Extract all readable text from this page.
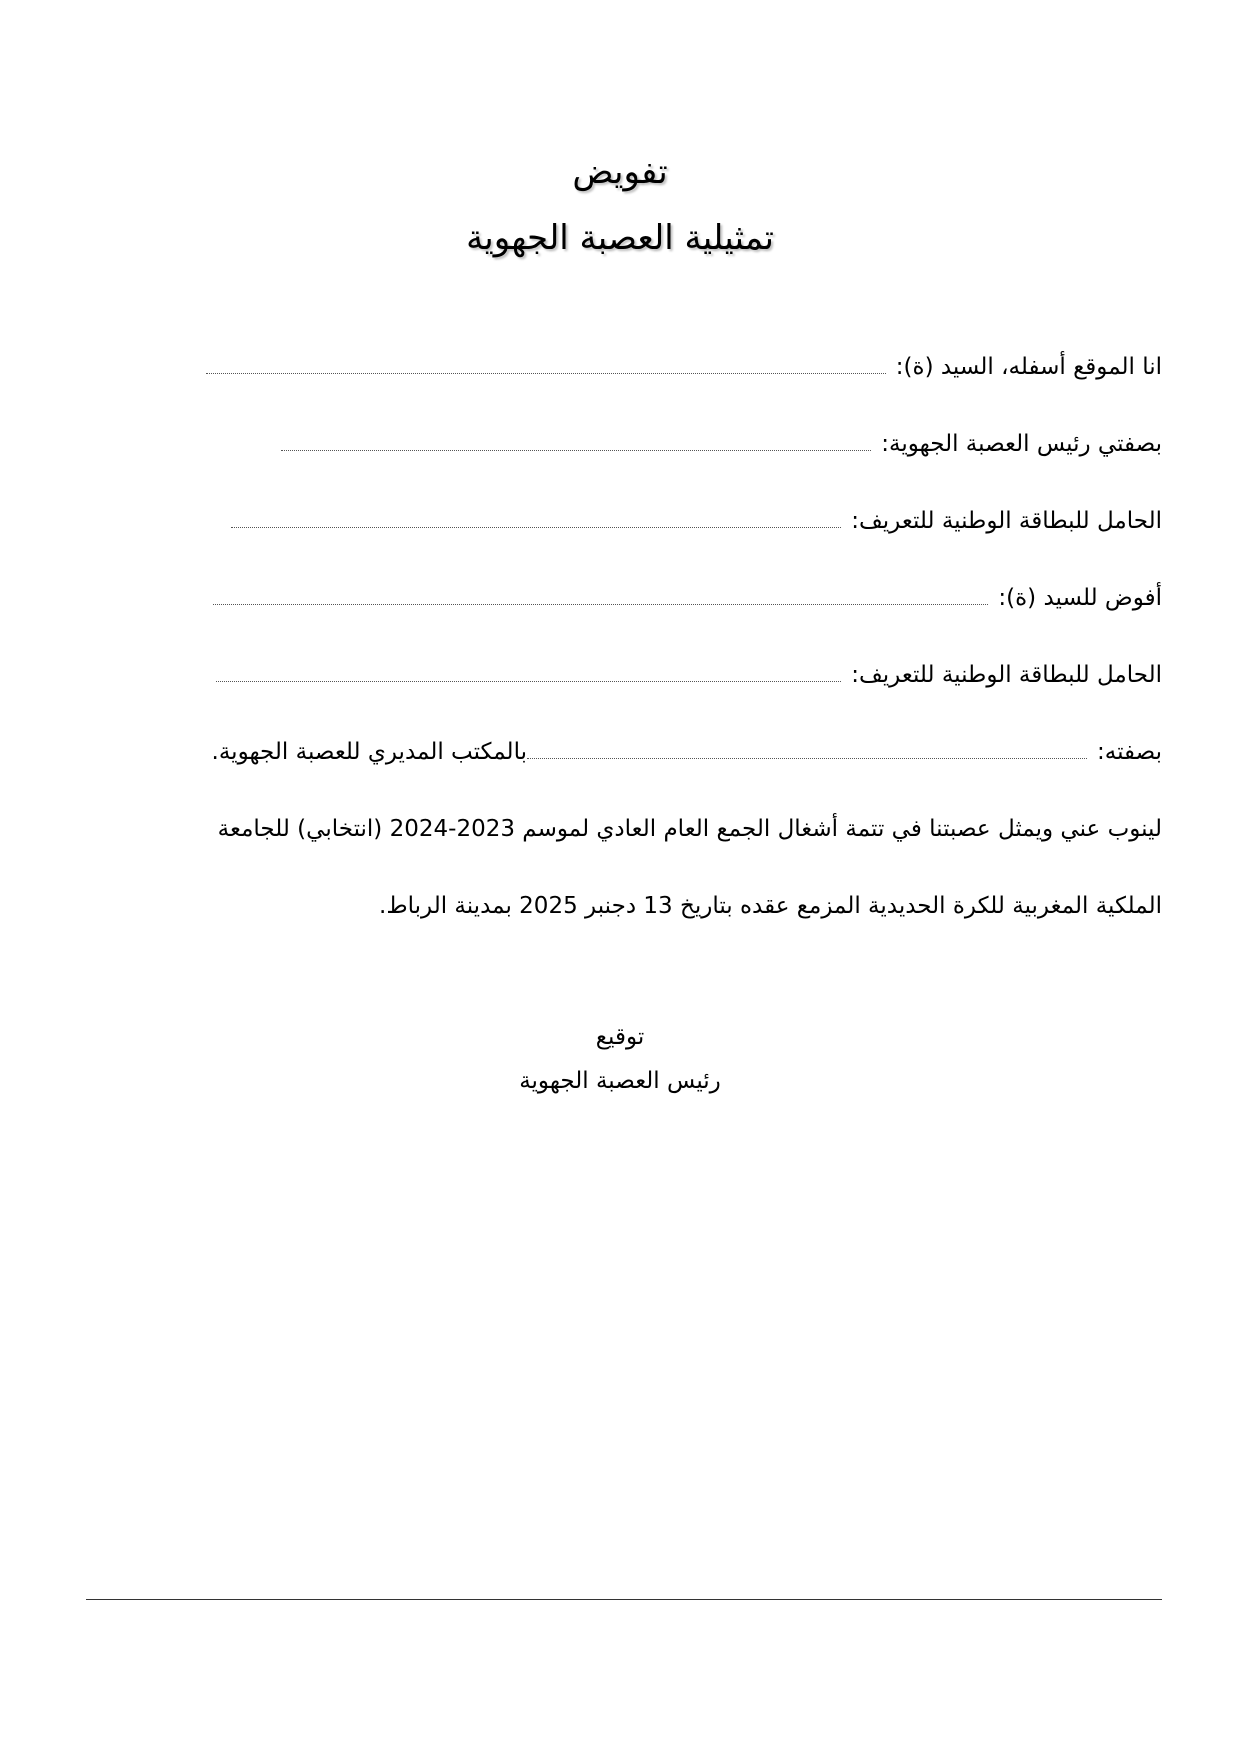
تفويض
تمثيلية العصبة الجهوية
انا الموقع أسفله، السيد (ة):
بصفتي رئيس العصبة الجهوية:
الحامل للبطاقة الوطنية للتعريف:
أفوض للسيد (ة):
الحامل للبطاقة الوطنية للتعريف:
بصفته:
بالمكتب المديري للعصبة الجهوية.
لينوب عني ويمثل عصبتنا في تتمة أشغال الجمع العام العادي لموسم 2023-2024 (انتخابي) للجامعة
الملكية المغربية للكرة الحديدية المزمع عقده بتاريخ 13 دجنبر 2025 بمدينة الرباط.
توقيع
رئيس العصبة الجهوية
